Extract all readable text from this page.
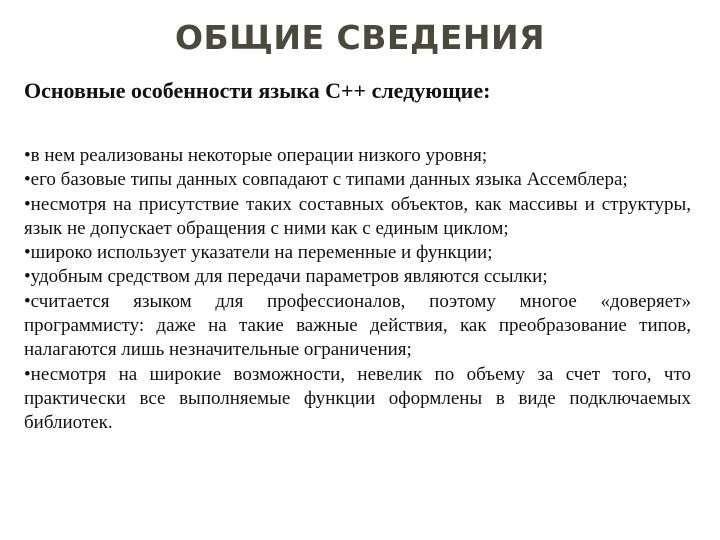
ОБЩИЕ СВЕДЕНИЯ
Основные особенности языка С++ следующие:
•в нем реализованы некоторые операции низкого уровня;
•его базовые типы данных совпадают с типами данных языка Ассемблера;
•несмотря на присутствие таких составных объектов, как массивы и структуры, язык не допускает обращения с ними как с единым циклом;
•широко использует указатели на переменные и функции;
•удобным средством для передачи параметров являются ссылки;
•считается языком для профессионалов, поэтому многое «доверяет» программисту: даже на такие важные действия, как преобразование типов, налагаются лишь незначительные ограничения;
•несмотря на широкие возможности, невелик по объему за счет того, что практически все выполняемые функции оформлены в виде подключаемых библиотек.
